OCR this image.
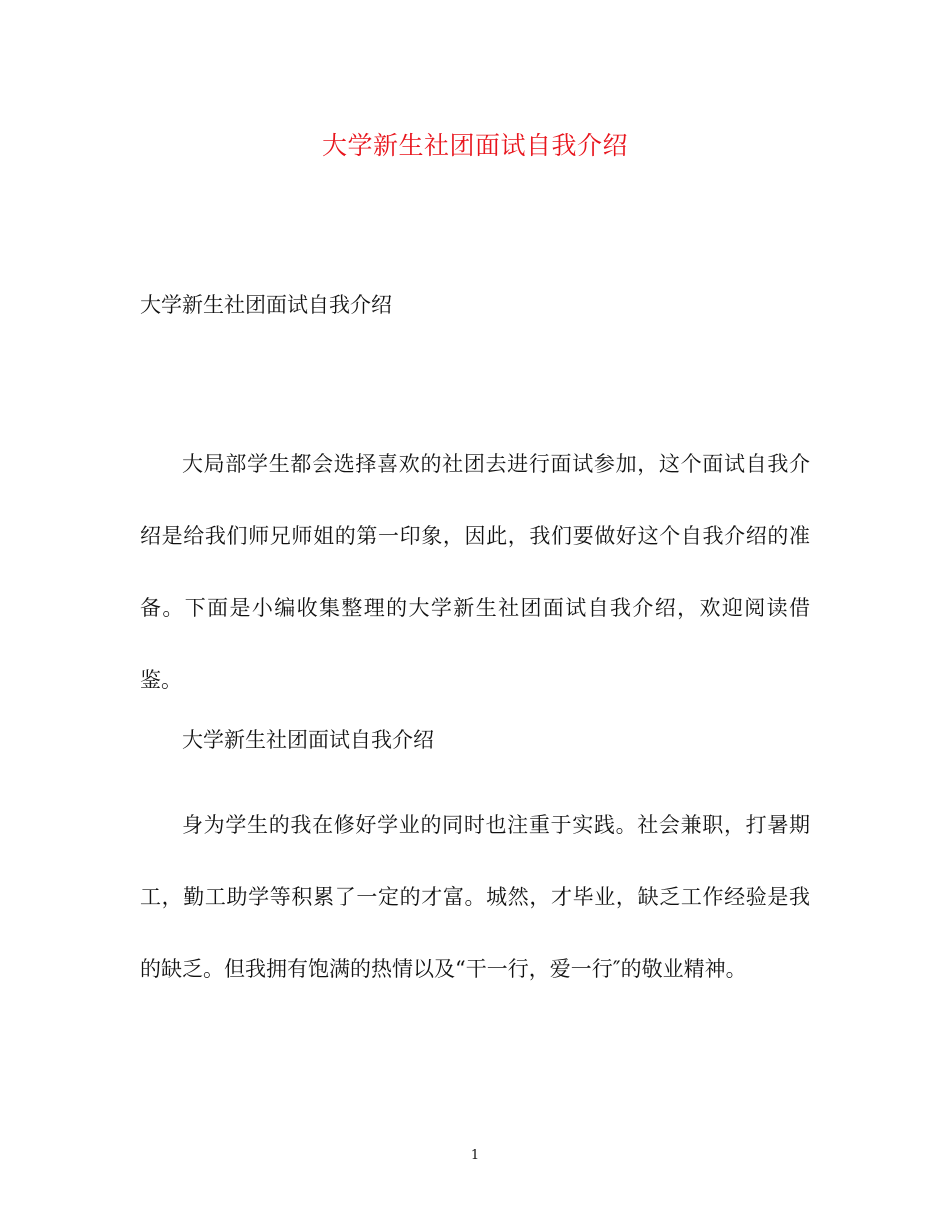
大学新生社团面试自我介绍
大学新生社团面试自我介绍

大局部学生都会选择喜欢的社团去进行面试参加，这个面试自我介绍是给我们师兄师姐的第一印象，因此，我们要做好这个自我介绍的准备。下面是小编收集整理的大学新生社团面试自我介绍，欢迎阅读借鉴。

大学新生社团面试自我介绍

身为学生的我在修好学业的同时也注重于实践。社会兼职，打暑期工，勤工助学等积累了一定的才富。城然，才毕业，缺乏工作经验是我的缺乏。但我拥有饱满的热情以及“干一行，爱一行″的敬业精神。

1
